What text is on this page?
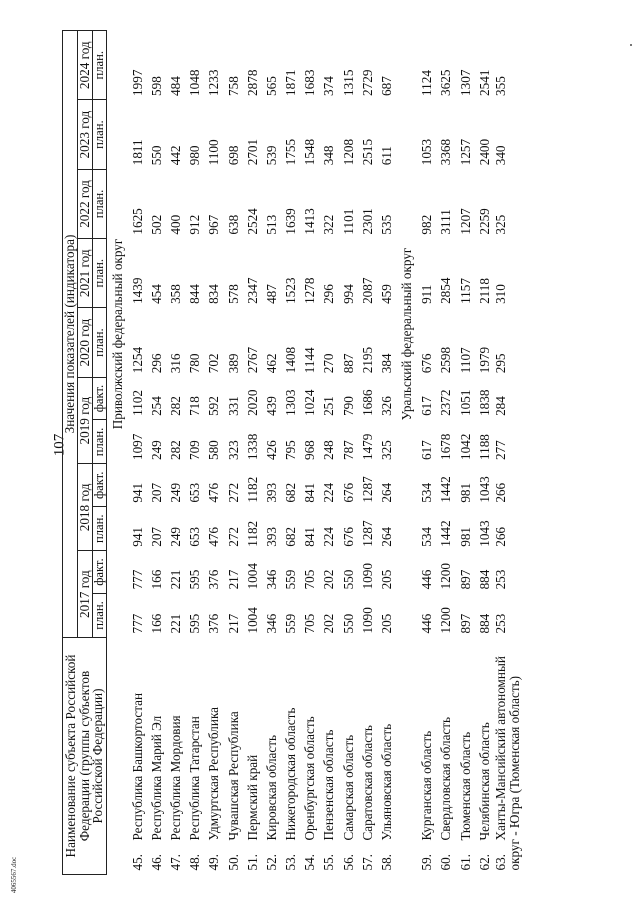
107
4065567.doc
Наименование субъекта Российской Федерации (группы субъектов Российской Федерации)	Значения показателей (индикатора)										
	2017 год		2018 год		2019 год		2020 год	2021 год	2022 год	2023 год	2024 год
	план.	факт.	план.	факт.	план.	факт.	план.	план.	план.	план.	план.
	Приволжский федеральный округ										
45.Республика Башкортостан	777	777	941	941	1097	1102	1254	1439	1625	1811	1997
46.Республика Марий Эл	166	166	207	207	249	254	296	454	502	550	598
47.Республика Мордовия	221	221	249	249	282	282	316	358	400	442	484
48.Республика Татарстан	595	595	653	653	709	718	780	844	912	980	1048
49.Удмуртская Республика	376	376	476	476	580	592	702	834	967	1100	1233
50.Чувашская Республика	217	217	272	272	323	331	389	578	638	698	758
51.Пермский край	1004	1004	1182	1182	1338	2020	2767	2347	2524	2701	2878
52.Кировская область	346	346	393	393	426	439	462	487	513	539	565
53.Нижегородская область	559	559	682	682	795	1303	1408	1523	1639	1755	1871
54.Оренбургская область	705	705	841	841	968	1024	1144	1278	1413	1548	1683
55.Пензенская область	202	202	224	224	248	251	270	296	322	348	374
56.Самарская область	550	550	676	676	787	790	887	994	1101	1208	1315
57.Саратовская область	1090	1090	1287	1287	1479	1686	2195	2087	2301	2515	2729
58.Ульяновская область	205	205	264	264	325	326	384	459	535	611	687
	Уральский федеральный округ										
59.Курганская область	446	446	534	534	617	617	676	911	982	1053	1124
60.Свердловская область	1200	1200	1442	1442	1678	2372	2598	2854	3111	3368	3625
61.Тюменская область	897	897	981	981	1042	1051	1107	1157	1207	1257	1307
62.Челябинская область	884	884	1043	1043	1188	1838	1979	2118	2259	2400	2541
63.Ханты-Мансийский автономный
округ - Югра (Тюменская область)	253	253	266	266	277	284	295	310	325	340	355
